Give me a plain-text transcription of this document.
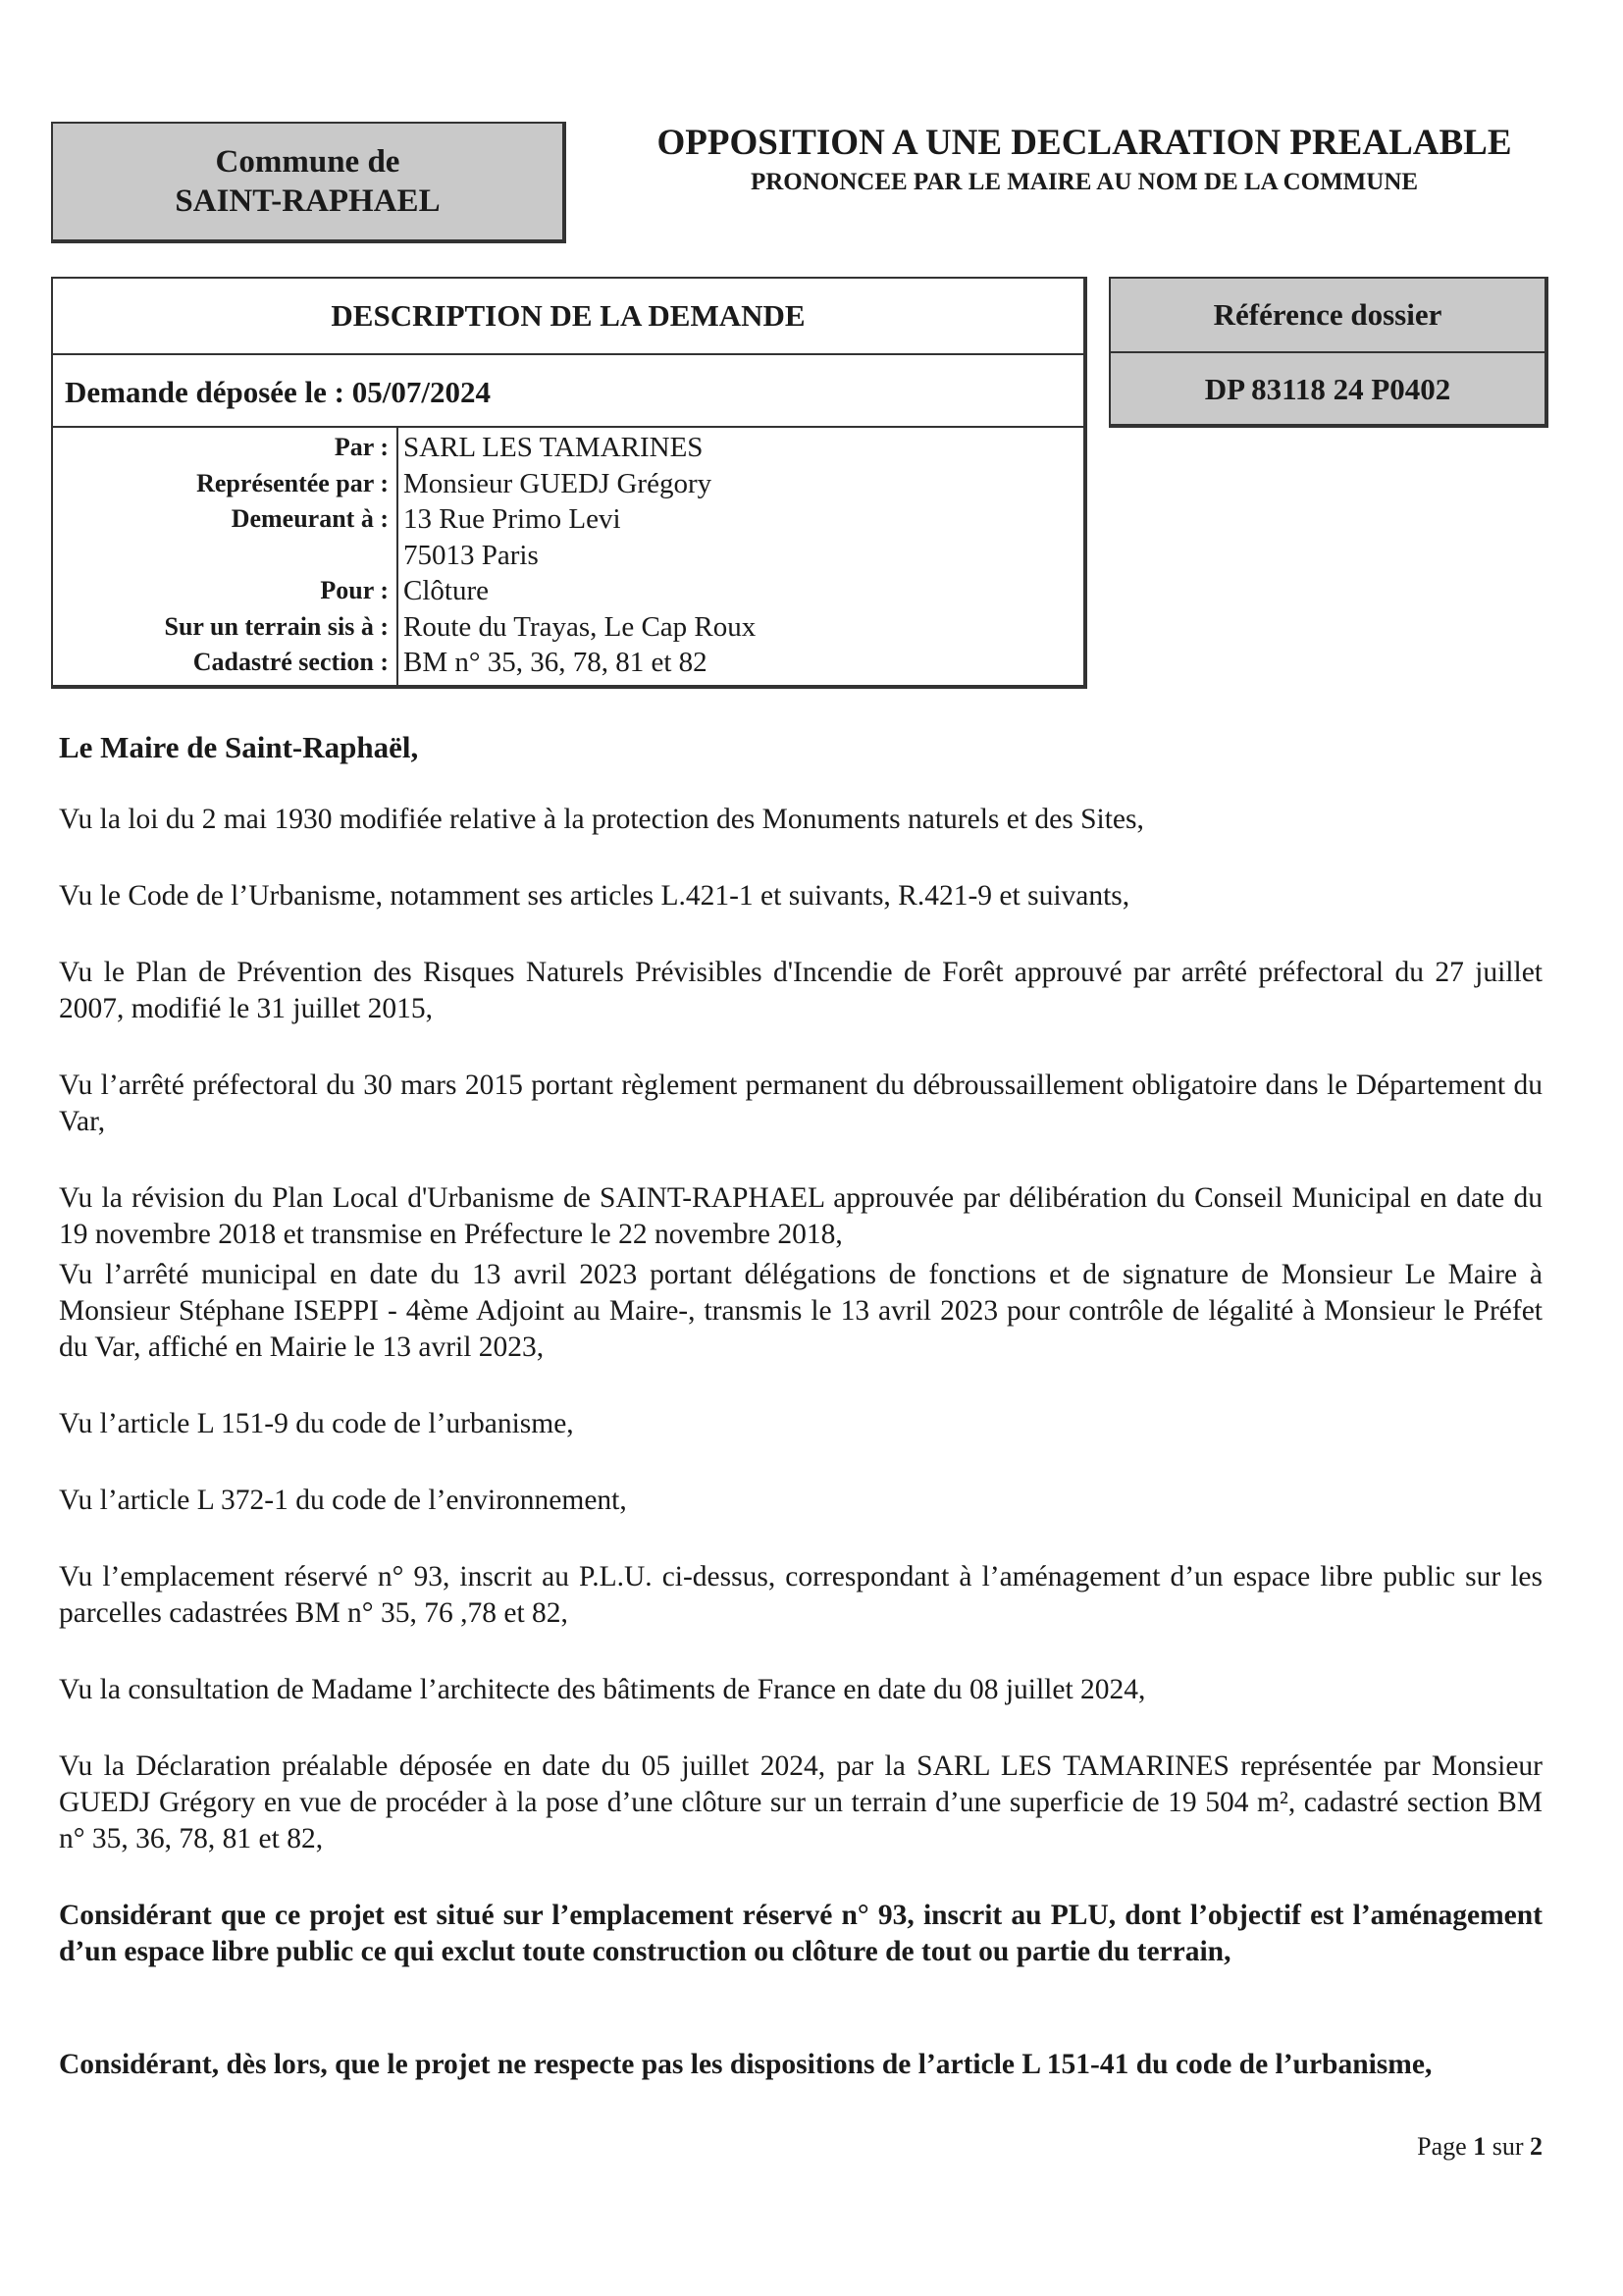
Commune de
SAINT-RAPHAEL
OPPOSITION A UNE DECLARATION PREALABLE
PRONONCEE PAR LE MAIRE AU NOM DE LA COMMUNE
DESCRIPTION DE LA DEMANDE
Demande déposée le : 05/07/2024
Par : SARL LES TAMARINES
Représentée par : Monsieur GUEDJ Grégory
Demeurant à : 13 Rue Primo Levi
75013 Paris
Pour : Clôture
Sur un terrain sis à : Route du Trayas, Le Cap Roux
Cadastré section : BM n° 35, 36, 78, 81 et 82
Référence dossier
DP 83118 24 P0402
Le Maire de Saint-Raphaël,

Vu la loi du 2 mai 1930 modifiée relative à la protection des Monuments naturels et des Sites,

Vu le Code de l’Urbanisme, notamment ses articles L.421-1 et suivants, R.421-9 et suivants,

Vu le Plan de Prévention des Risques Naturels Prévisibles d'Incendie de Forêt approuvé par arrêté préfectoral du 27 juillet 2007, modifié le 31 juillet 2015,

Vu l’arrêté préfectoral du 30 mars 2015 portant règlement permanent du débroussaillement obligatoire dans le Département du Var,

Vu la révision du Plan Local d'Urbanisme de SAINT-RAPHAEL approuvée par délibération du Conseil Municipal en date du 19 novembre 2018 et transmise en Préfecture le 22 novembre 2018,

Vu l’arrêté municipal en date du 13 avril 2023 portant délégations de fonctions et de signature de Monsieur Le Maire à Monsieur Stéphane ISEPPI - 4ème Adjoint au Maire-, transmis le 13 avril 2023 pour contrôle de légalité à Monsieur le Préfet du Var, affiché en Mairie le 13 avril 2023,

Vu l’article L 151-9 du code de l’urbanisme,

Vu l’article L 372-1 du code de l’environnement,

Vu l’emplacement réservé n° 93, inscrit au P.L.U. ci-dessus, correspondant à l’aménagement d’un espace libre public sur les parcelles cadastrées BM n° 35, 76 ,78 et 82,

Vu la consultation de Madame l’architecte des bâtiments de France en date du 08 juillet 2024,

Vu la Déclaration préalable déposée en date du 05 juillet 2024, par la SARL LES TAMARINES représentée par Monsieur GUEDJ Grégory en vue de procéder à la pose d’une clôture sur un terrain d’une superficie de 19 504 m², cadastré section BM n° 35, 36, 78, 81 et 82,

Considérant que ce projet est situé sur l’emplacement réservé n° 93, inscrit au PLU, dont l’objectif est l’aménagement d’un espace libre public ce qui exclut toute construction ou clôture de tout ou partie du terrain,

Considérant, dès lors, que le projet ne respecte pas les dispositions de l’article L 151-41 du code de l’urbanisme,

Page 1 sur 2
